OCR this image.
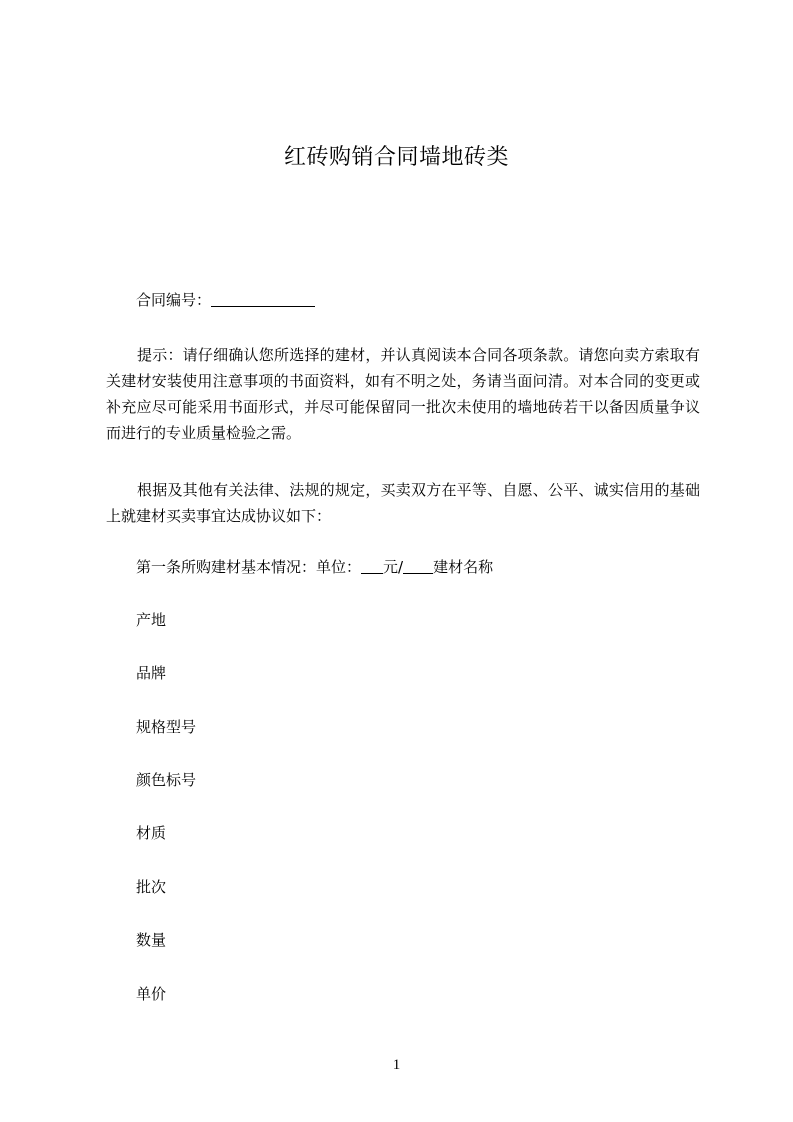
红砖购销合同墙地砖类
合同编号：
提示：请仔细确认您所选择的建材，并认真阅读本合同各项条款。请您向卖方索取有关建材安装使用注意事项的书面资料，如有不明之处，务请当面问清。对本合同的变更或补充应尽可能采用书面形式，并尽可能保留同一批次未使用的墙地砖若干以备因质量争议而进行的专业质量检验之需。
根据及其他有关法律、法规的规定，买卖双方在平等、自愿、公平、诚实信用的基础上就建材买卖事宜达成协议如下：
第一条所购建材基本情况：单位： 元/ 建材名称
产地
品牌
规格型号
颜色标号
材质
批次
数量
单价
1
